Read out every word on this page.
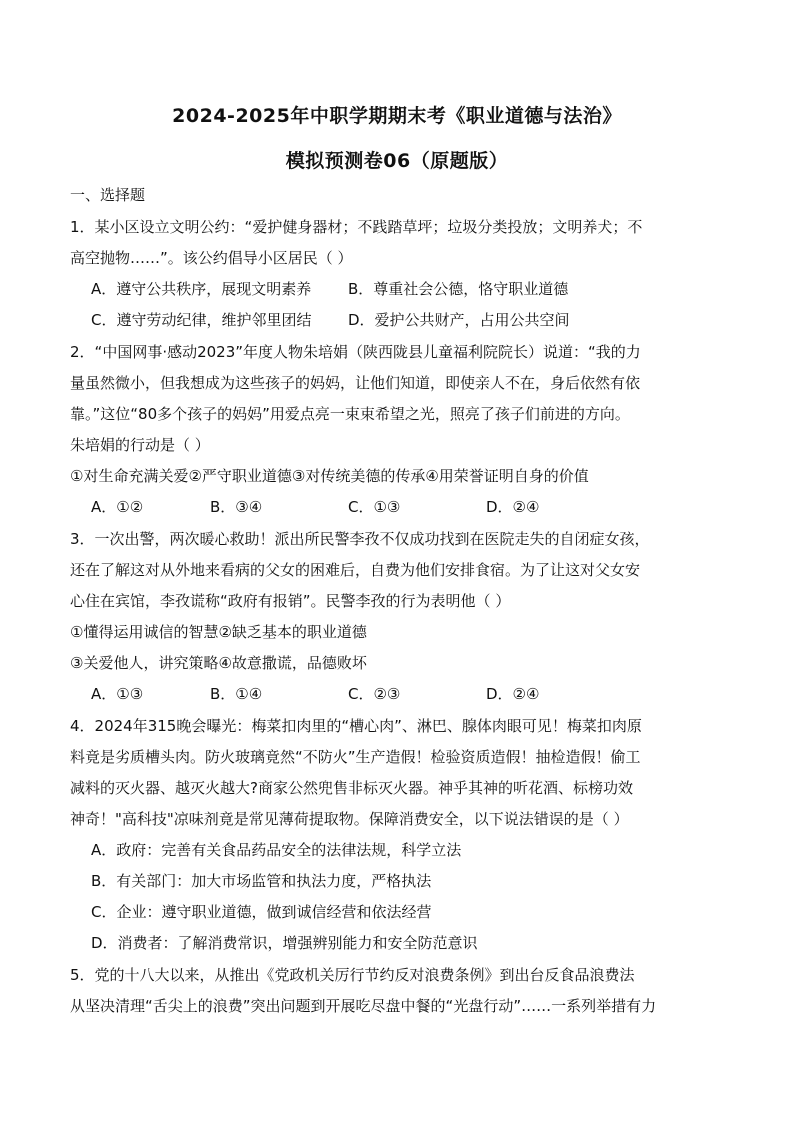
2024-2025年中职学期期末考《职业道德与法治》
模拟预测卷06（原题版）
一、选择题
1．某小区设立文明公约：“爱护健身器材；不践踏草坪；垃圾分类投放；文明养犬；不
高空抛物……”。该公约倡导小区居民（ ）
A．遵守公共秩序，展现文明素养 B．尊重社会公德，恪守职业道德
C．遵守劳动纪律，维护邻里团结 D．爱护公共财产，占用公共空间
2．“中国网事·感动2023”年度人物朱培娟（陕西陇县儿童福利院院长）说道：“我的力
量虽然微小，但我想成为这些孩子的妈妈，让他们知道，即使亲人不在，身后依然有依
靠。”这位“80多个孩子的妈妈”用爱点亮一束束希望之光，照亮了孩子们前进的方向。
朱培娟的行动是（ ）
①对生命充满关爱②严守职业道德③对传统美德的传承④用荣誉证明自身的价值
A．①②	B．③④	C．①③	D．②④
3．一次出警，两次暖心救助！派出所民警李孜不仅成功找到在医院走失的自闭症女孩，
还在了解这对从外地来看病的父女的困难后，自费为他们安排食宿。为了让这对父女安
心住在宾馆，李孜谎称“政府有报销”。民警李孜的行为表明他（ ）
①懂得运用诚信的智慧②缺乏基本的职业道德
③关爱他人，讲究策略④故意撒谎，品德败坏
A．①③	B．①④	C．②③	D．②④
4．2024年315晚会曝光：梅菜扣肉里的“槽心肉”、淋巴、腺体肉眼可见！梅菜扣肉原
料竟是劣质槽头肉。防火玻璃竟然“不防火”生产造假！检验资质造假！抽检造假！偷工
减料的灭火器、越灭火越大?商家公然兜售非标灭火器。神乎其神的听花酒、标榜功效
神奇！"高科技"凉味剂竟是常见薄荷提取物。保障消费安全，以下说法错误的是（ ）
A．政府：完善有关食品药品安全的法律法规，科学立法
B．有关部门：加大市场监管和执法力度，严格执法
C．企业：遵守职业道德，做到诚信经营和依法经营
D．消费者：了解消费常识，增强辨别能力和安全防范意识
5．党的十八大以来，从推出《党政机关厉行节约反对浪费条例》到出台反食品浪费法
从坚决清理“舌尖上的浪费”突出问题到开展吃尽盘中餐的“光盘行动”……一系列举措有力
